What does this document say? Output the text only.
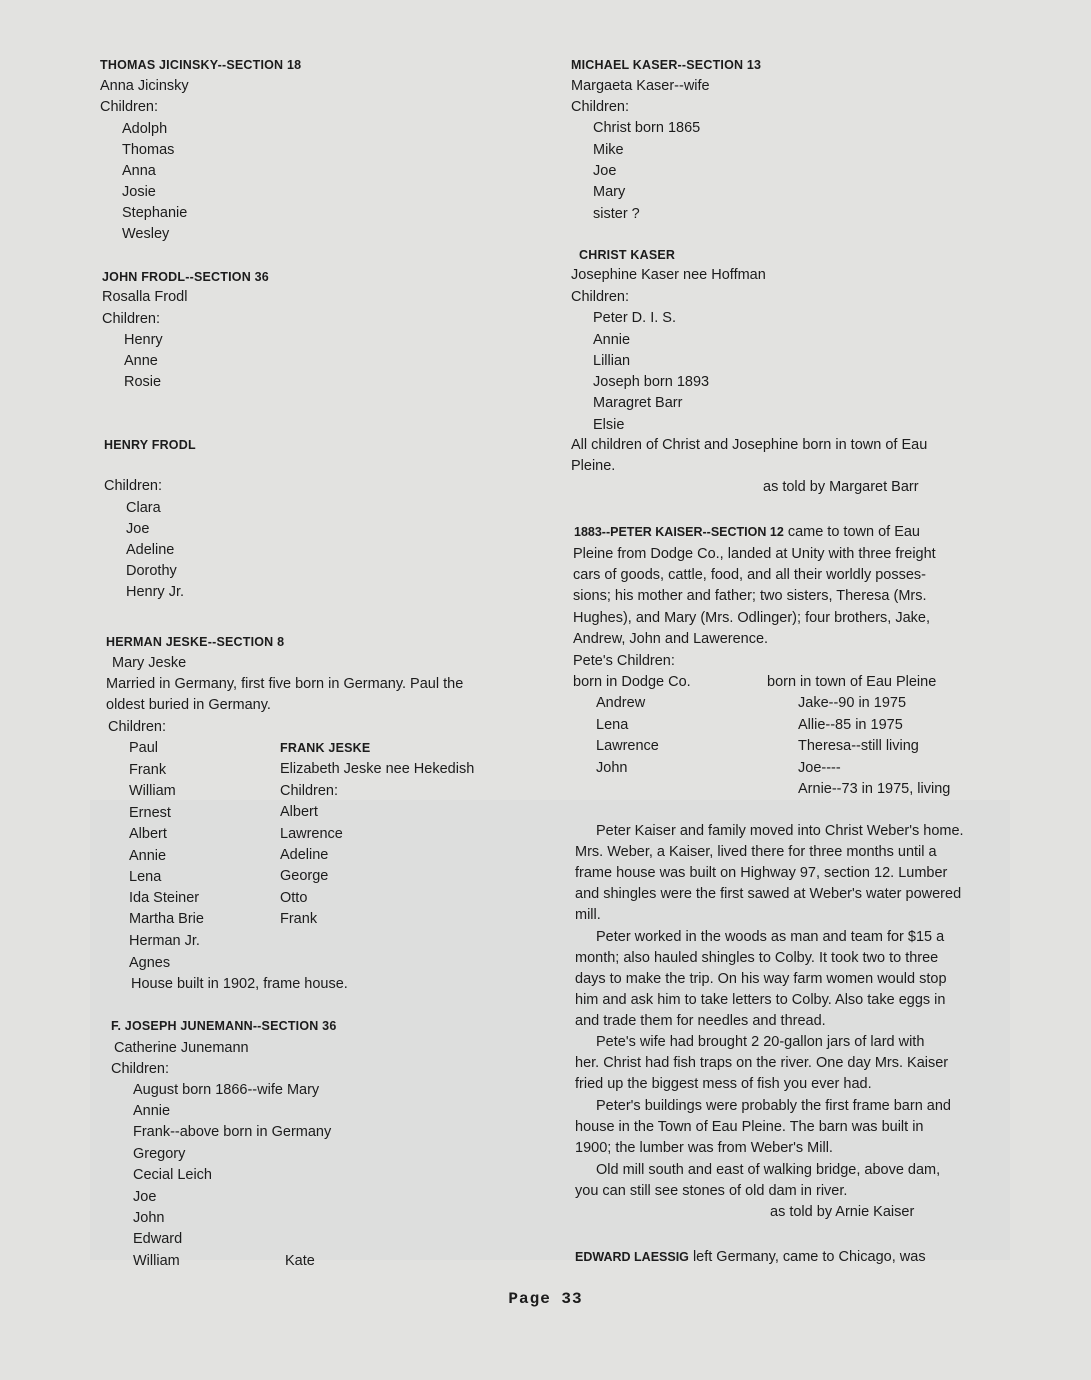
THOMAS JICINSKY--SECTION 18
Anna Jicinsky
Children:
Adolph
Thomas
Anna
Josie
Stephanie
Wesley
JOHN FRODL--SECTION 36
Rosalla Frodl
Children:
Henry
Anne
Rosie
HENRY FRODL
Children:
Clara
Joe
Adeline
Dorothy
Henry Jr.
HERMAN JESKE--SECTION 8
Mary Jeske
Married in Germany, first five born in Germany. Paul the
oldest buried in Germany.
Children:
Paul
Frank
William
Ernest
Albert
Annie
Lena
Ida Steiner
Martha Brie
Herman Jr.
Agnes
House built in 1902, frame house.
FRANK JESKE
Elizabeth Jeske nee Hekedish
Children:
Albert
Lawrence
Adeline
George
Otto
Frank
F. JOSEPH JUNEMANN--SECTION 36
Catherine Junemann
Children:
August born 1866--wife Mary
Annie
Frank--above born in Germany
Gregory
Cecial Leich
Joe
John
Edward
William	Kate
MICHAEL KASER--SECTION 13
Margaeta Kaser--wife
Children:
Christ born 1865
Mike
Joe
Mary
sister ?
CHRIST KASER
Josephine Kaser nee Hoffman
Children:
Peter D. I. S.
Annie
Lillian
Joseph born 1893
Maragret Barr
Elsie
All children of Christ and Josephine born in town of Eau
Pleine.
as told by Margaret Barr
1883--PETER KAISER--SECTION 12 came to town of Eau
Pleine from Dodge Co., landed at Unity with three freight
cars of goods, cattle, food, and all their worldly posses-
sions; his mother and father; two sisters, Theresa (Mrs.
Hughes), and Mary (Mrs. Odlinger); four brothers, Jake,
Andrew, John and Lawerence.
Pete's Children:
born in Dodge Co.	born in town of Eau Pleine
Andrew
Lena
Lawrence
John
Jake--90 in 1975
Allie--85 in 1975
Theresa--still living
Joe----
Arnie--73 in 1975, living
Peter Kaiser and family moved into Christ Weber's home.
Mrs. Weber, a Kaiser, lived there for three months until a
frame house was built on Highway 97, section 12. Lumber
and shingles were the first sawed at Weber's water powered
mill.
Peter worked in the woods as man and team for $15 a
month; also hauled shingles to Colby. It took two to three
days to make the trip. On his way farm women would stop
him and ask him to take letters to Colby. Also take eggs in
and trade them for needles and thread.
Pete's wife had brought 2 20-gallon jars of lard with
her. Christ had fish traps on the river. One day Mrs. Kaiser
fried up the biggest mess of fish you ever had.
Peter's buildings were probably the first frame barn and
house in the Town of Eau Pleine. The barn was built in
1900; the lumber was from Weber's Mill.
Old mill south and east of walking bridge, above dam,
you can still see stones of old dam in river.
as told by Arnie Kaiser
EDWARD LAESSIG left Germany, came to Chicago, was
Page 33
